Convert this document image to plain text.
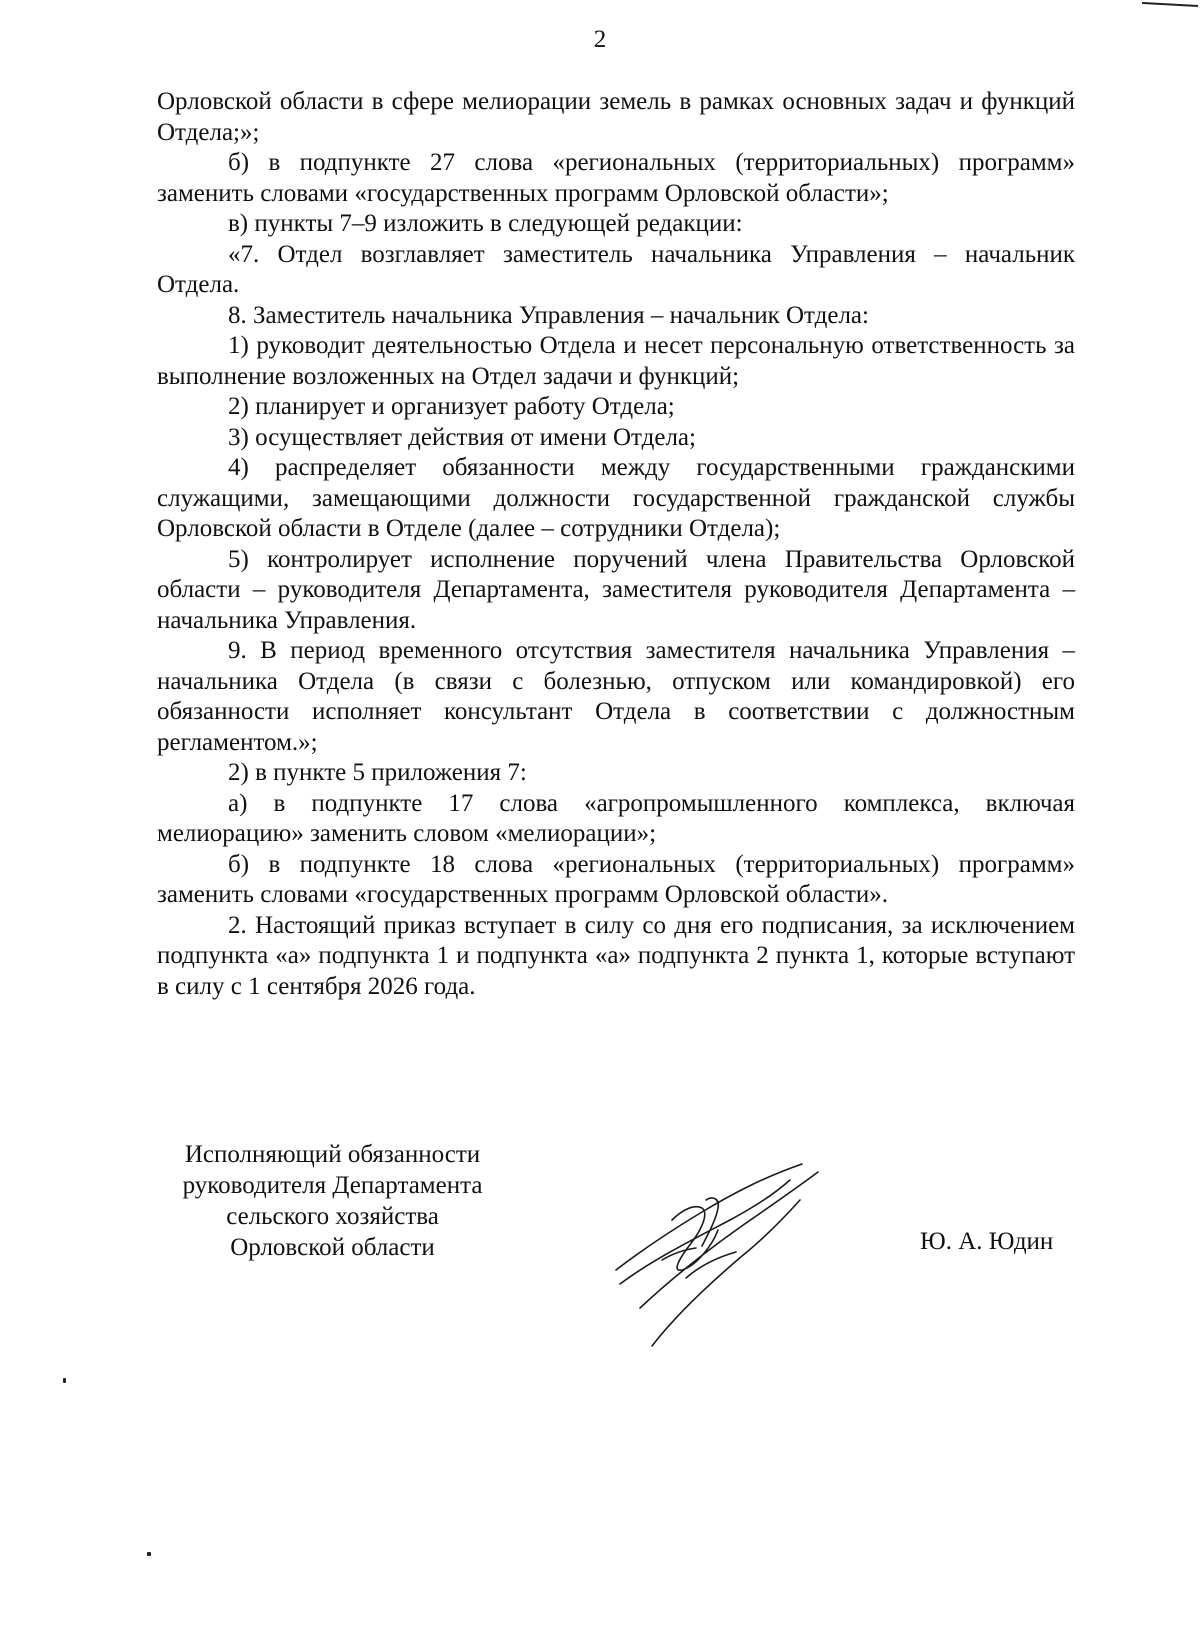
2

Орловской области в сфере мелиорации земель в рамках основных задач и функций Отдела;»;

б) в подпункте 27 слова «региональных (территориальных) программ» заменить словами «государственных программ Орловской области»;

в) пункты 7–9 изложить в следующей редакции:

«7. Отдел возглавляет заместитель начальника Управления – начальник Отдела.

8. Заместитель начальника Управления – начальник Отдела:

1) руководит деятельностью Отдела и несет персональную ответственность за выполнение возложенных на Отдел задачи и функций;

2) планирует и организует работу Отдела;

3) осуществляет действия от имени Отдела;

4) распределяет обязанности между государственными гражданскими служащими, замещающими должности государственной гражданской службы Орловской области в Отделе (далее – сотрудники Отдела);

5) контролирует исполнение поручений члена Правительства Орловской области – руководителя Департамента, заместителя руководителя Департамента – начальника Управления.

9. В период временного отсутствия заместителя начальника Управления – начальника Отдела (в связи с болезнью, отпуском или командировкой) его обязанности исполняет консультант Отдела в соответствии с должностным регламентом.»;

2) в пункте 5 приложения 7:

а) в подпункте 17 слова «агропромышленного комплекса, включая мелиорацию» заменить словом «мелиорации»;

б) в подпункте 18 слова «региональных (территориальных) программ» заменить словами «государственных программ Орловской области».

2. Настоящий приказ вступает в силу со дня его подписания, за исключением подпункта «а» подпункта 1 и подпункта «а» подпункта 2 пункта 1, которые вступают в силу с 1 сентября 2026 года.

Исполняющий обязанности
руководителя Департамента
сельского хозяйства
Орловской области	Ю. А. Юдин
